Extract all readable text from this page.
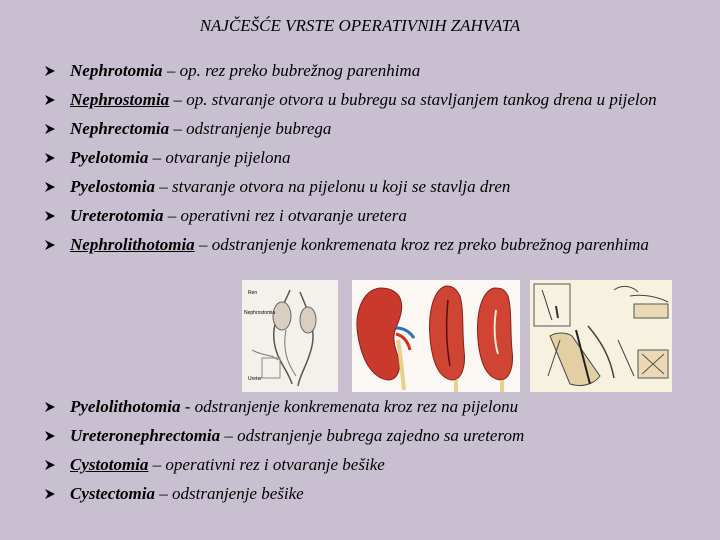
NAJČEŠĆE VRSTE OPERATIVNIH ZAHVATA
Nephrotomia – op. rez preko bubrežnog parenhima
Nephrostomia – op. stvaranje otvora u bubregu sa stavljanjem tankog drena u pijelon
Nephrectomia – odstranjenje bubrega
Pyelotomia – otvaranje pijelona
Pyelostomia – stvaranje otvora na pijelonu u koji se stavlja dren
Ureterotomia – operativni rez i otvaranje uretera
Nephrolithotomia – odstranjenje konkremenata kroz rez preko bubrežnog parenhima
Ren
Nephrostomia
Ureter
Pyelolithotomia - odstranjenje konkremenata kroz rez na pijelonu
Ureteronephrectomia – odstranjenje bubrega zajedno sa ureterom
Cystotomia – operativni rez i otvaranje bešike
Cystectomia – odstranjenje bešike
